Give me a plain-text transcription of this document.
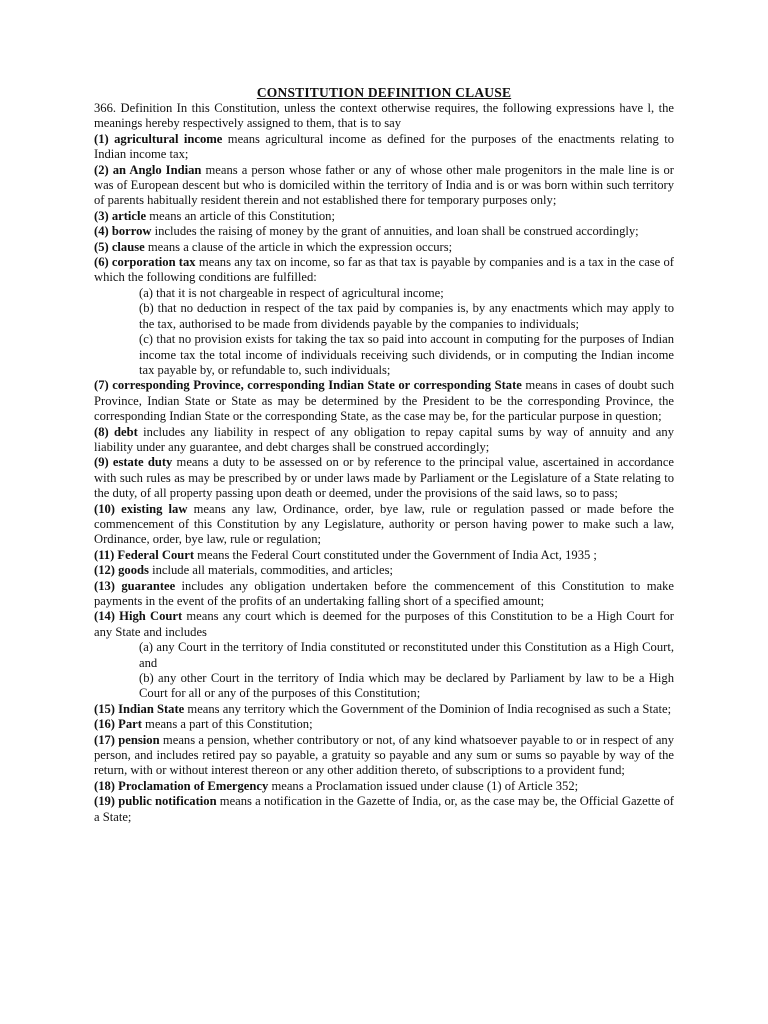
CONSTITUTION DEFINITION CLAUSE

366. Definition In this Constitution, unless the context otherwise requires, the following expressions have l, the meanings hereby respectively assigned to them, that is to say

(1) agricultural income means agricultural income as defined for the purposes of the enactments relating to Indian income tax;

(2) an Anglo Indian means a person whose father or any of whose other male progenitors in the male line is or was of European descent but who is domiciled within the territory of India and is or was born within such territory of parents habitually resident therein and not established there for temporary purposes only;

(3) article means an article of this Constitution;

(4) borrow includes the raising of money by the grant of annuities, and loan shall be construed accordingly;

(5) clause means a clause of the article in which the expression occurs;

(6) corporation tax means any tax on income, so far as that tax is payable by companies and is a tax in the case of which the following conditions are fulfilled:

(a) that it is not chargeable in respect of agricultural income;

(b) that no deduction in respect of the tax paid by companies is, by any enactments which may apply to the tax, authorised to be made from dividends payable by the companies to individuals;

(c) that no provision exists for taking the tax so paid into account in computing for the purposes of Indian income tax the total income of individuals receiving such dividends, or in computing the Indian income tax payable by, or refundable to, such individuals;

(7) corresponding Province, corresponding Indian State or corresponding State means in cases of doubt such Province, Indian State or State as may be determined by the President to be the corresponding Province, the corresponding Indian State or the corresponding State, as the case may be, for the particular purpose in question;

(8) debt includes any liability in respect of any obligation to repay capital sums by way of annuity and any liability under any guarantee, and debt charges shall be construed accordingly;

(9) estate duty means a duty to be assessed on or by reference to the principal value, ascertained in accordance with such rules as may be prescribed by or under laws made by Parliament or the Legislature of a State relating to the duty, of all property passing upon death or deemed, under the provisions of the said laws, so to pass;

(10) existing law means any law, Ordinance, order, bye law, rule or regulation passed or made before the commencement of this Constitution by any Legislature, authority or person having power to make such a law, Ordinance, order, bye law, rule or regulation;

(11) Federal Court means the Federal Court constituted under the Government of India Act, 1935 ;

(12) goods include all materials, commodities, and articles;

(13) guarantee includes any obligation undertaken before the commencement of this Constitution to make payments in the event of the profits of an undertaking falling short of a specified amount;

(14) High Court means any court which is deemed for the purposes of this Constitution to be a High Court for any State and includes

(a) any Court in the territory of India constituted or reconstituted under this Constitution as a High Court, and

(b) any other Court in the territory of India which may be declared by Parliament by law to be a High Court for all or any of the purposes of this Constitution;

(15) Indian State means any territory which the Government of the Dominion of India recognised as such a State;

(16) Part means a part of this Constitution;

(17) pension means a pension, whether contributory or not, of any kind whatsoever payable to or in respect of any person, and includes retired pay so payable, a gratuity so payable and any sum or sums so payable by way of the return, with or without interest thereon or any other addition thereto, of subscriptions to a provident fund;

(18) Proclamation of Emergency means a Proclamation issued under clause (1) of Article 352;

(19) public notification means a notification in the Gazette of India, or, as the case may be, the Official Gazette of a State;
